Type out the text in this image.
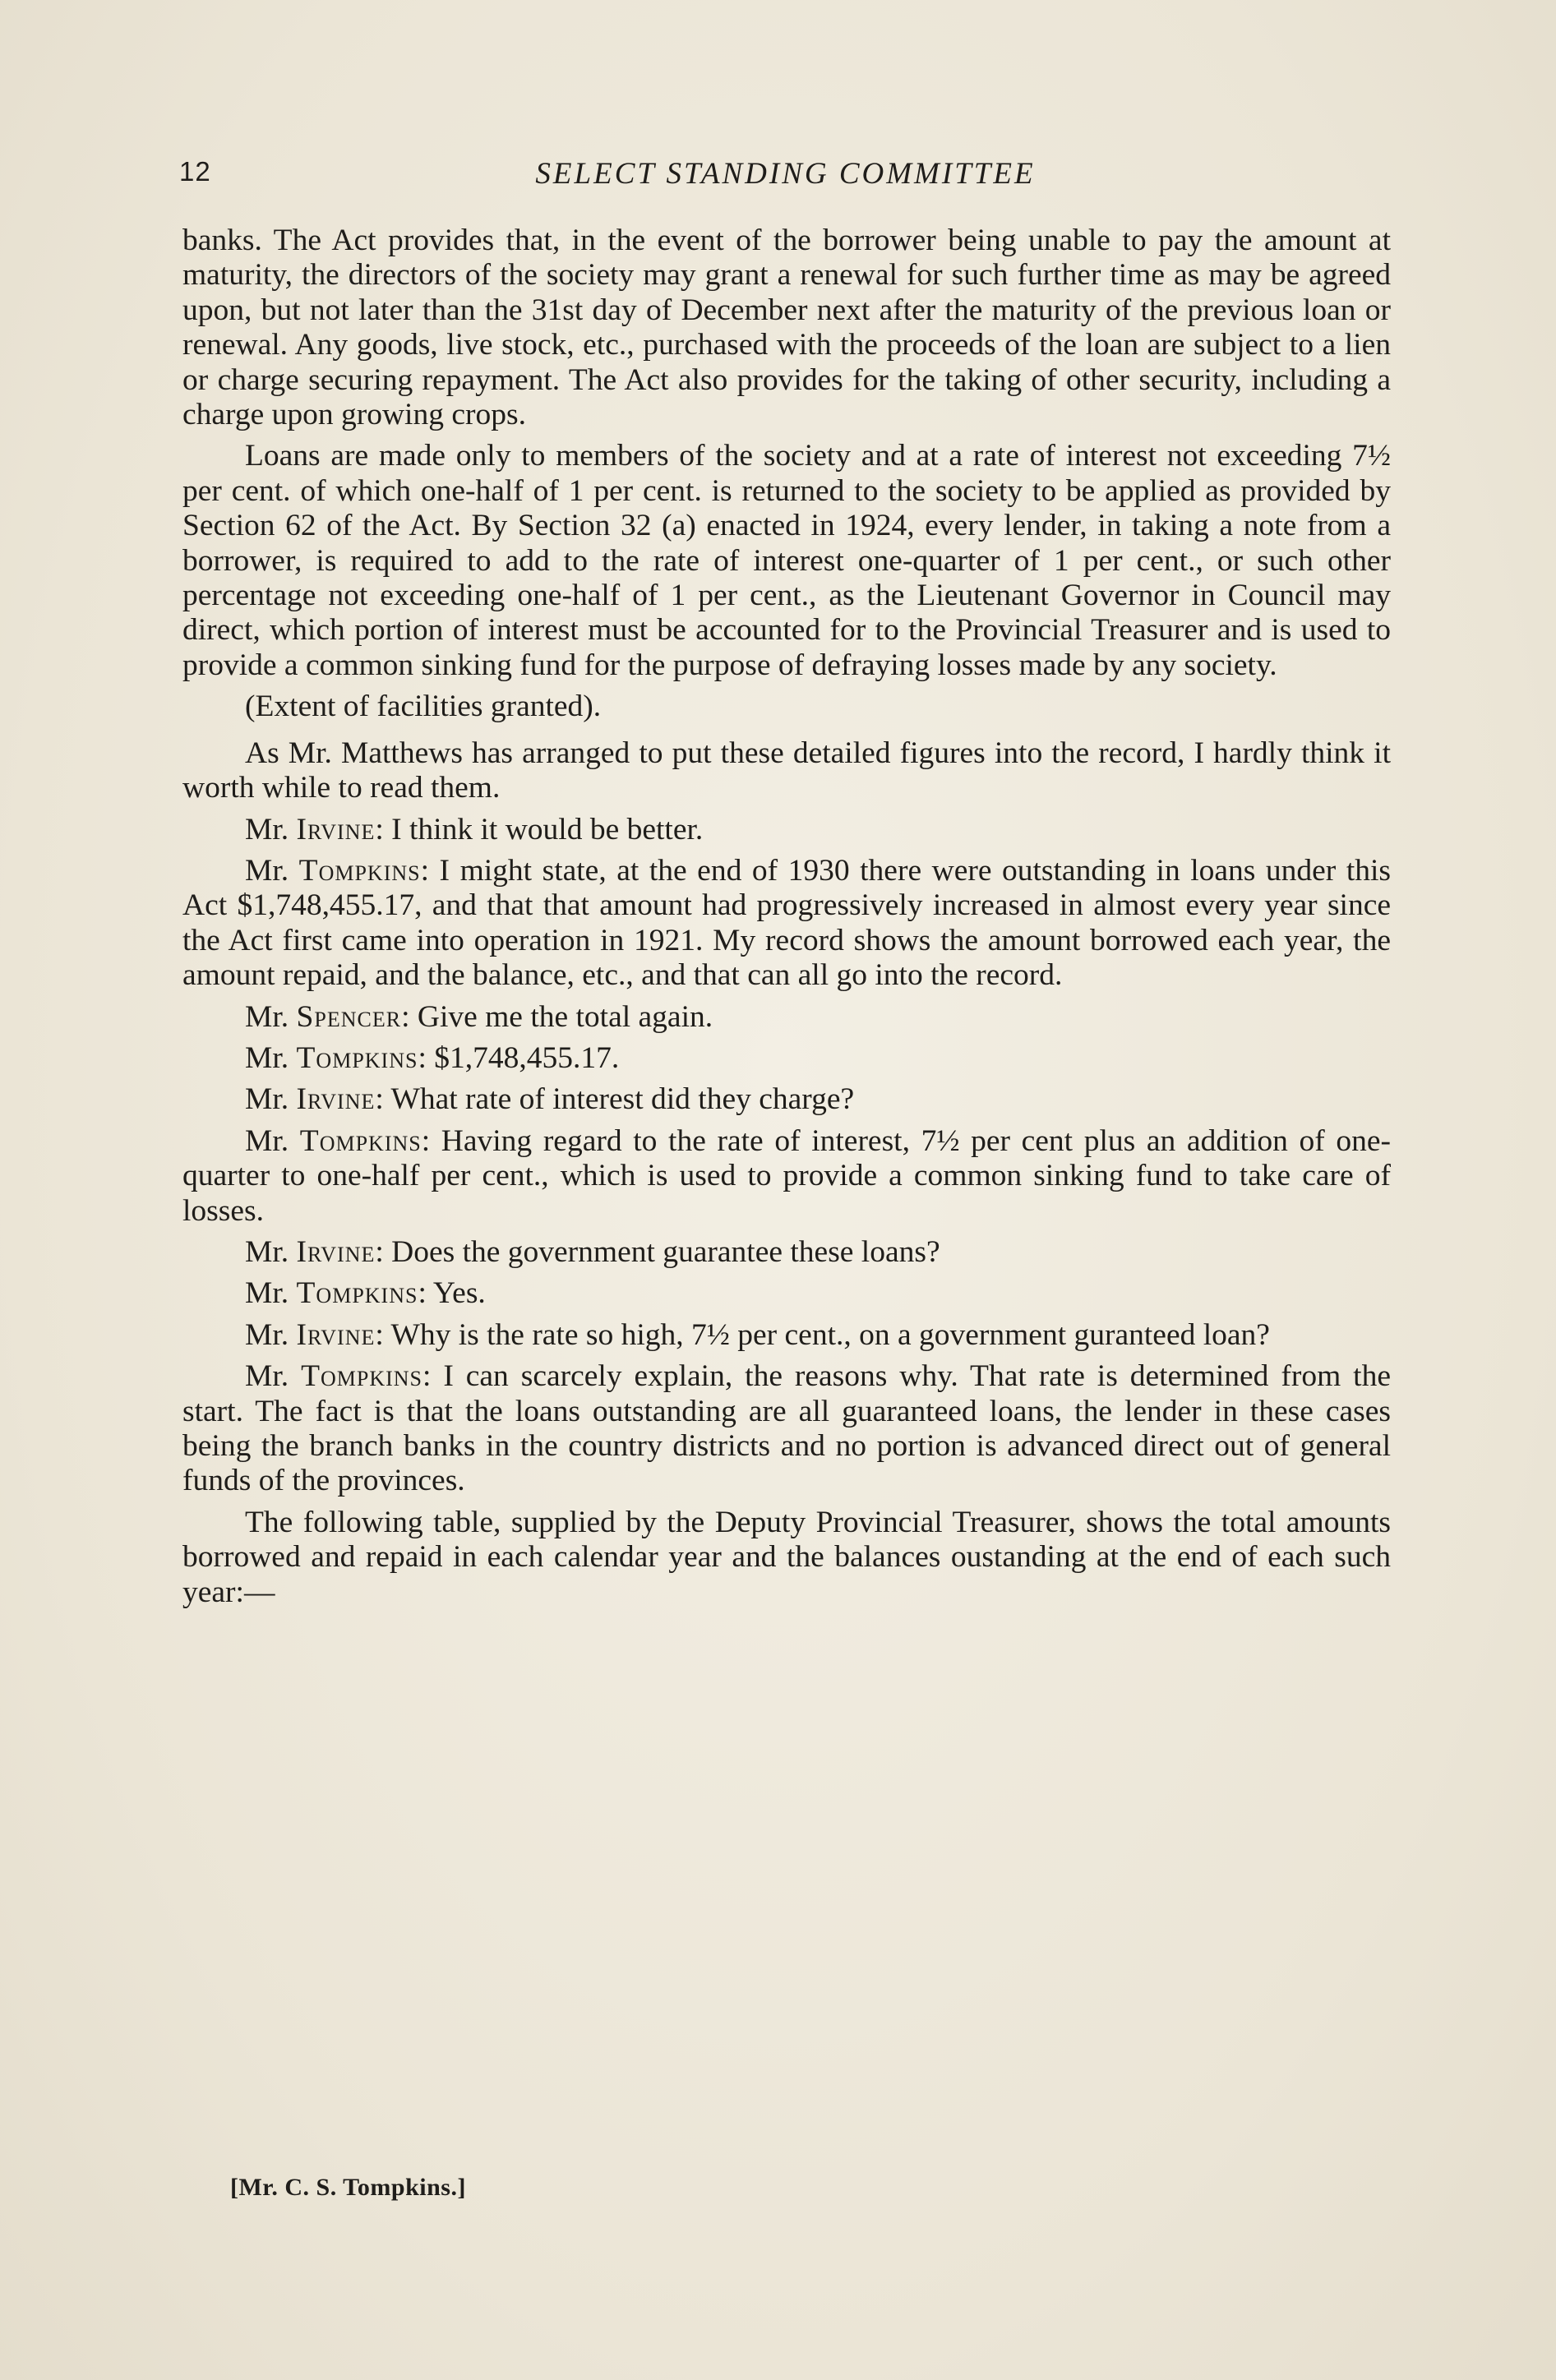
12	SELECT STANDING COMMITTEE

banks. The Act provides that, in the event of the borrower being unable to pay the amount at maturity, the directors of the society may grant a renewal for such further time as may be agreed upon, but not later than the 31st day of December next after the maturity of the previous loan or renewal. Any goods, live stock, etc., purchased with the proceeds of the loan are subject to a lien or charge securing repayment. The Act also provides for the taking of other security, including a charge upon growing crops.

Loans are made only to members of the society and at a rate of interest not exceeding 7½ per cent. of which one-half of 1 per cent. is returned to the society to be applied as provided by Section 62 of the Act. By Section 32 (a) enacted in 1924, every lender, in taking a note from a borrower, is required to add to the rate of interest one-quarter of 1 per cent., or such other percentage not exceeding one-half of 1 per cent., as the Lieutenant Governor in Council may direct, which portion of interest must be accounted for to the Provincial Treasurer and is used to provide a common sinking fund for the purpose of defraying losses made by any society.

(Extent of facilities granted).

As Mr. Matthews has arranged to put these detailed figures into the record, I hardly think it worth while to read them.

Mr. Irvine: I think it would be better.

Mr. Tompkins: I might state, at the end of 1930 there were outstanding in loans under this Act $1,748,455.17, and that that amount had progressively increased in almost every year since the Act first came into operation in 1921. My record shows the amount borrowed each year, the amount repaid, and the balance, etc., and that can all go into the record.

Mr. Spencer: Give me the total again.

Mr. Tompkins: $1,748,455.17.

Mr. Irvine: What rate of interest did they charge?

Mr. Tompkins: Having regard to the rate of interest, 7½ per cent plus an addition of one-quarter to one-half per cent., which is used to provide a common sinking fund to take care of losses.

Mr. Irvine: Does the government guarantee these loans?

Mr. Tompkins: Yes.

Mr. Irvine: Why is the rate so high, 7½ per cent., on a government guranteed loan?

Mr. Tompkins: I can scarcely explain, the reasons why. That rate is determined from the start. The fact is that the loans outstanding are all guaranteed loans, the lender in these cases being the branch banks in the country districts and no portion is advanced direct out of general funds of the provinces.

The following table, supplied by the Deputy Provincial Treasurer, shows the total amounts borrowed and repaid in each calendar year and the balances oustanding at the end of each such year:—

[Mr. C. S. Tompkins.]
